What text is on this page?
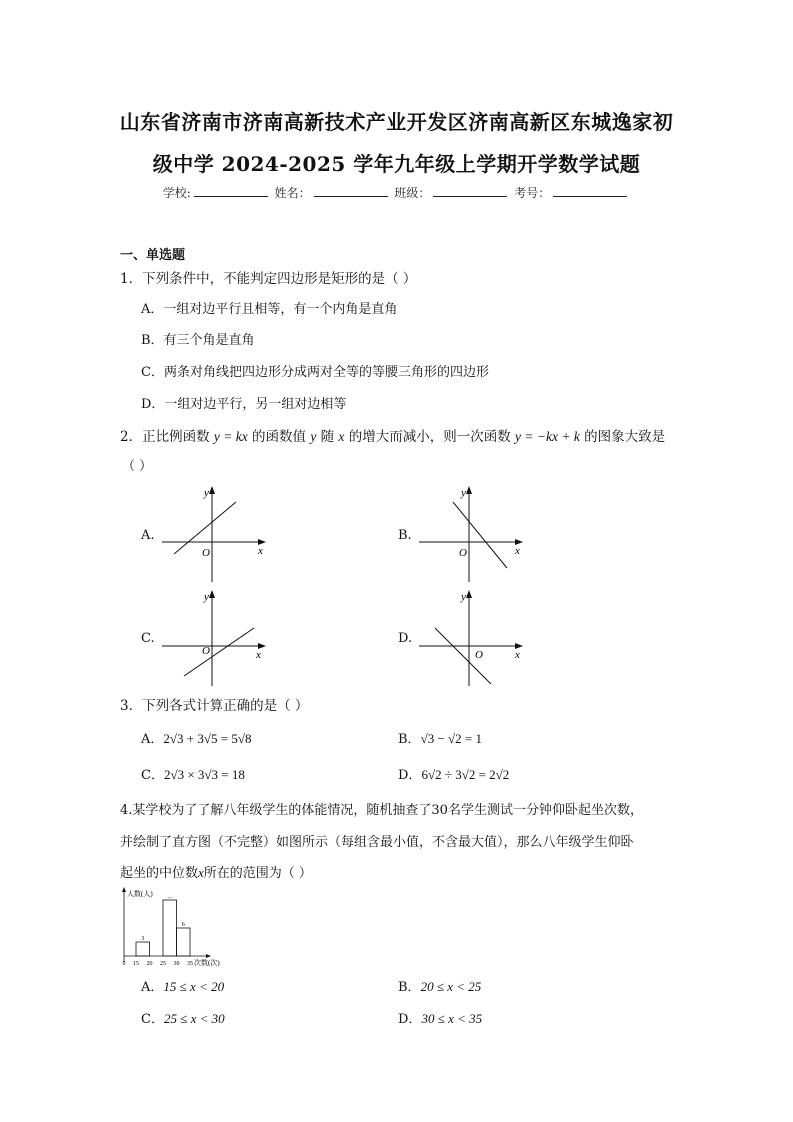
山东省济南市济南高新技术产业开发区济南高新区东城逸家初
级中学 2024-2025 学年九年级上学期开学数学试题
学校:	姓名：	班级：	考号：
一、单选题
1．下列条件中，不能判定四边形是矩形的是（ ）
A．一组对边平行且相等，有一个内角是直角
B．有三个角是直角
C．两条对角线把四边形分成两对全等的等腰三角形的四边形
D．一组对边平行，另一组对边相等
2．正比例函数 y = kx 的函数值 y 随 x 的增大而减小，则一次函数 y = −kx + k 的图象大致是
（ ）
A.	B.
C.	D.
O
y
x	O
y
x
O
y
x	O
y
x
3．下列各式计算正确的是（ ）
A．2√3 + 3√5 = 5√8	B．√3 − √2 = 1
C．2√3 × 3√3 = 18	D．6√2 ÷ 3√2 = 2√2
4.某学校为了了解八年级学生的体能情况，随机抽查了30名学生测试一分钟仰卧起坐次数，
并绘制了直方图（不完整）如图所示（每组含最小值，不含最大值），那么八年级学生仰卧
起坐的中位数x所在的范围为（ ）
人数(人)
次数(次)
3
...
6
0 15 20 25 30 35
A．15 ≤ x < 20	B．20 ≤ x < 25
C．25 ≤ x < 30	D．30 ≤ x < 35
